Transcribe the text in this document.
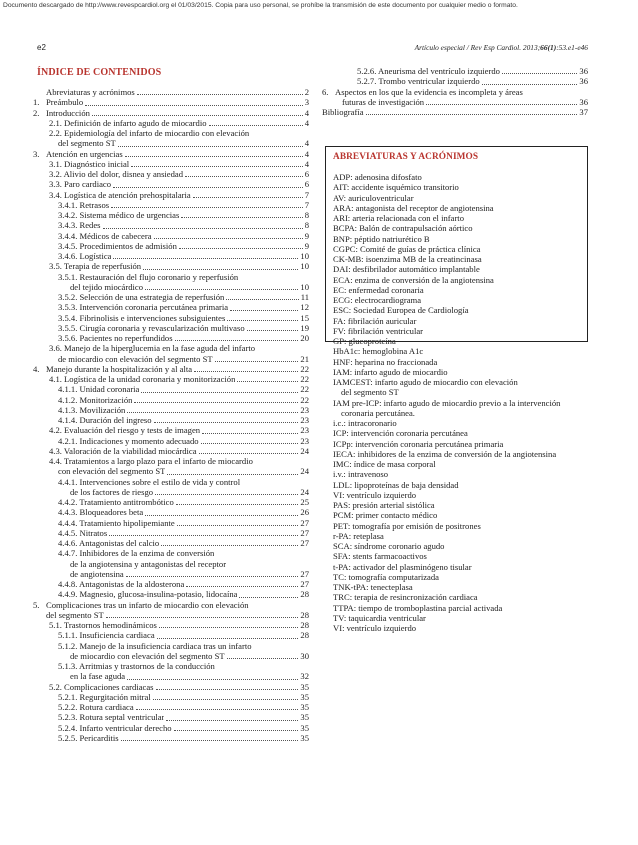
Documento descargado de http://www.revespcardiol.org el 01/03/2015. Copia para uso personal, se prohíbe la transmisión de este documento por cualquier medio o formato.
e2	Artículo especial / Rev Esp Cardiol. 2013;66(1):53.e1-e46
ÍNDICE DE CONTENIDOS
Abreviaturas y acrónimos	2
1. Preámbulo	3
2. Introducción	4
2.1. Definición de infarto agudo de miocardio	4
2.2. Epidemiología del infarto de miocardio con elevación
del segmento ST	4
3. Atención en urgencias	4
3.1. Diagnóstico inicial	4
3.2. Alivio del dolor, disnea y ansiedad	6
3.3. Paro cardiaco	6
3.4. Logística de atención prehospitalaria	7
3.4.1. Retrasos	7
3.4.2. Sistema médico de urgencias	8
3.4.3. Redes	8
3.4.4. Médicos de cabecera	9
3.4.5. Procedimientos de admisión	9
3.4.6. Logística	10
3.5. Terapia de reperfusión	10
3.5.1. Restauración del flujo coronario y reperfusión
del tejido miocárdico	10
3.5.2. Selección de una estrategia de reperfusión	11
3.5.3. Intervención coronaria percutánea primaria	12
3.5.4. Fibrinolisis e intervenciones subsiguientes	15
3.5.5. Cirugía coronaria y revascularización multivaso	19
3.5.6. Pacientes no reperfundidos	20
3.6. Manejo de la hiperglucemia en la fase aguda del infarto
de miocardio con elevación del segmento ST	21
4. Manejo durante la hospitalización y al alta	22
4.1. Logística de la unidad coronaria y monitorización	22
4.1.1. Unidad coronaria	22
4.1.2. Monitorización	22
4.1.3. Movilización	23
4.1.4. Duración del ingreso	23
4.2. Evaluación del riesgo y tests de imagen	23
4.2.1. Indicaciones y momento adecuado	23
4.3. Valoración de la viabilidad miocárdica	24
4.4. Tratamientos a largo plazo para el infarto de miocardio
con elevación del segmento ST	24
4.4.1. Intervenciones sobre el estilo de vida y control
de los factores de riesgo	24
4.4.2. Tratamiento antitrombótico	25
4.4.3. Bloqueadores beta	26
4.4.4. Tratamiento hipolipemiante	27
4.4.5. Nitratos	27
4.4.6. Antagonistas del calcio	27
4.4.7. Inhibidores de la enzima de conversión
de la angiotensina y antagonistas del receptor
de angiotensina	27
4.4.8. Antagonistas de la aldosterona	27
4.4.9. Magnesio, glucosa-insulina-potasio, lidocaína	28
5. Complicaciones tras un infarto de miocardio con elevación
del segmento ST	28
5.1. Trastornos hemodinámicos	28
5.1.1. Insuficiencia cardiaca	28
5.1.2. Manejo de la insuficiencia cardiaca tras un infarto
de miocardio con elevación del segmento ST	30
5.1.3. Arritmias y trastornos de la conducción
en la fase aguda	32
5.2. Complicaciones cardiacas	35
5.2.1. Regurgitación mitral	35
5.2.2. Rotura cardiaca	35
5.2.3. Rotura septal ventricular	35
5.2.4. Infarto ventricular derecho	35
5.2.5. Pericarditis	35
5.2.6. Aneurisma del ventrículo izquierdo	36
5.2.7. Trombo ventricular izquierdo	36
6. Aspectos en los que la evidencia es incompleta y áreas
futuras de investigación	36
Bibliografía	37
ABREVIATURAS Y ACRÓNIMOS
ADP: adenosina difosfato
AIT: accidente isquémico transitorio
AV: auriculoventricular
ARA: antagonista del receptor de angiotensina
ARI: arteria relacionada con el infarto
BCPA: Balón de contrapulsación aórtico
BNP: péptido natriurético B
CGPC: Comité de guías de práctica clínica
CK-MB: isoenzima MB de la creatincinasa
DAI: desfibrilador automático implantable
ECA: enzima de conversión de la angiotensina
EC: enfermedad coronaria
ECG: electrocardiograma
ESC: Sociedad Europea de Cardiología
FA: fibrilación auricular
FV: fibrilación ventricular
GP: glucoproteína
HbA1c: hemoglobina A1c
HNF: heparina no fraccionada
IAM: infarto agudo de miocardio
IAMCEST: infarto agudo de miocardio con elevación
del segmento ST
IAM pre-ICP: infarto agudo de miocardio previo a la intervención
coronaria percutánea.
i.c.: intracoronario
ICP: intervención coronaria percutánea
ICPp: intervención coronaria percutánea primaria
IECA: inhibidores de la enzima de conversión de la angiotensina
IMC: índice de masa corporal
i.v.: intravenoso
LDL: lipoproteínas de baja densidad
VI: ventrículo izquierdo
PAS: presión arterial sistólica
PCM: primer contacto médico
PET: tomografía por emisión de positrones
r-PA: reteplasa
SCA: síndrome coronario agudo
SFA: stents farmacoactivos
t-PA: activador del plasminógeno tisular
TC: tomografía computarizada
TNK-tPA: tenecteplasa
TRC: terapia de resincronización cardiaca
TTPA: tiempo de tromboplastina parcial activada
TV: taquicardia ventricular
VI: ventrículo izquierdo
